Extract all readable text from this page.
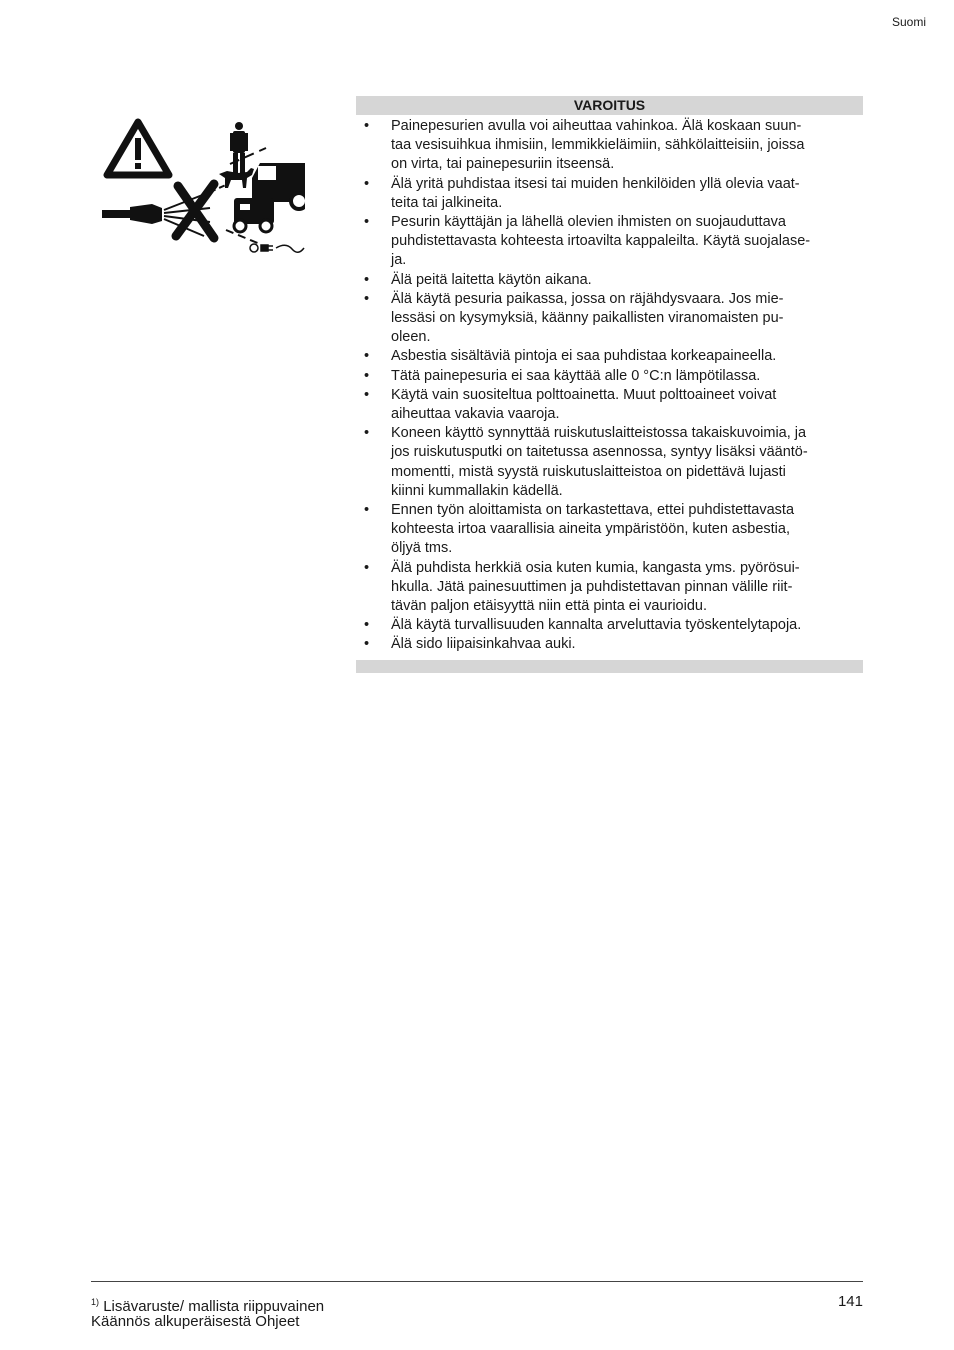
Suomi
VAROITUS
• Painepesurien avulla voi aiheuttaa vahinkoa. Älä koskaan suun-
taa vesisuihkua ihmisiin, lemmikkieläimiin, sähkölaitteisiin, joissa
on virta, tai painepesuriin itseensä.
• Älä yritä puhdistaa itsesi tai muiden henkilöiden yllä olevia vaat-
teita tai jalkineita.
• Pesurin käyttäjän ja lähellä olevien ihmisten on suojauduttava
puhdistettavasta kohteesta irtoavilta kappaleilta. Käytä suojalase-
ja.
• Älä peitä laitetta käytön aikana.
• Älä käytä pesuria paikassa, jossa on räjähdysvaara. Jos mie-
lessäsi on kysymyksiä, käänny paikallisten viranomaisten pu-
oleen.
• Asbestia sisältäviä pintoja ei saa puhdistaa korkeapaineella.
• Tätä painepesuria ei saa käyttää alle 0 °C:n lämpötilassa.
• Käytä vain suositeltua polttoainetta. Muut polttoaineet voivat
aiheuttaa vakavia vaaroja.
• Koneen käyttö synnyttää ruiskutuslaitteistossa takaiskuvoimia, ja
jos ruiskutusputki on taitetussa asennossa, syntyy lisäksi vääntö-
momentti, mistä syystä ruiskutuslaitteistoa on pidettävä lujasti
kiinni kummallakin kädellä.
• Ennen työn aloittamista on tarkastettava, ettei puhdistettavasta
kohteesta irtoa vaarallisia aineita ympäristöön, kuten asbestia,
öljyä tms.
• Älä puhdista herkkiä osia kuten kumia, kangasta yms. pyörösui-
hkulla. Jätä painesuuttimen ja puhdistettavan pinnan välille riit-
tävän paljon etäisyyttä niin että pinta ei vaurioidu.
• Älä käytä turvallisuuden kannalta arveluttavia työskentelytapoja.
• Älä sido liipaisinkahvaa auki.
$^{1)}$ Lisävaruste/ mallista riippuvainen
Käännös alkuperäisestä Ohjeet
141
